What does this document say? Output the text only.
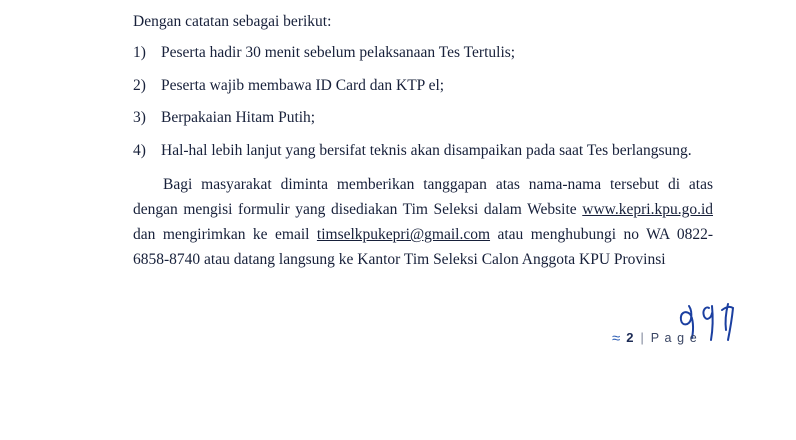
Dengan catatan sebagai berikut:

1) Peserta hadir 30 menit sebelum pelaksanaan Tes Tertulis;
2) Peserta wajib membawa ID Card dan KTP el;
3) Berpakaian Hitam Putih;
4) Hal-hal lebih lanjut yang bersifat teknis akan disampaikan pada saat Tes berlangsung.

Bagi masyarakat diminta memberikan tanggapan atas nama-nama tersebut di atas dengan mengisi formulir yang disediakan Tim Seleksi dalam Website www.kepri.kpu.go.id dan mengirimkan ke email timselkpukepri@gmail.com atau menghubungi no WA 0822-6858-8740 atau datang langsung ke Kantor Tim Seleksi Calon Anggota KPU Provinsi

≈ 2 | P a g e
